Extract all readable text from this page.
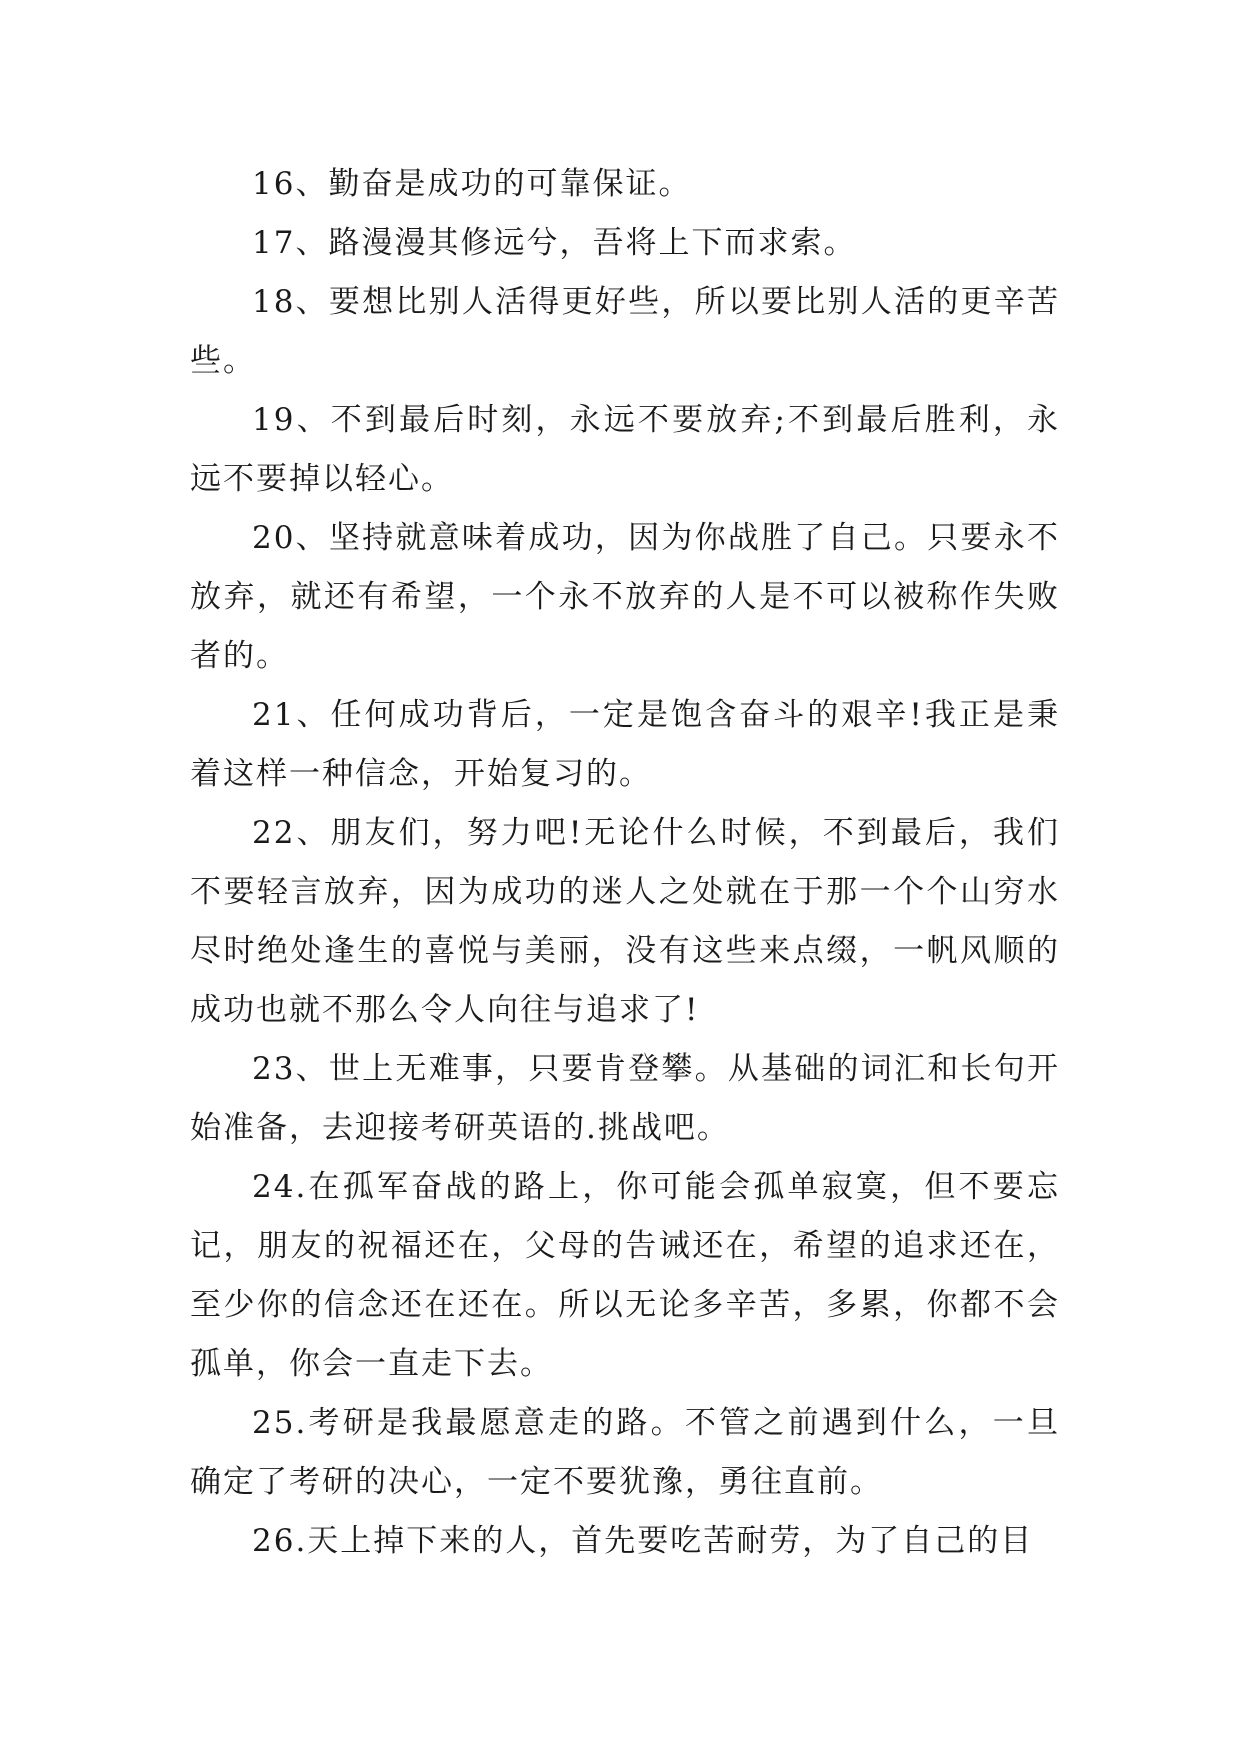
16、勤奋是成功的可靠保证。

17、路漫漫其修远兮，吾将上下而求索。

18、要想比别人活得更好些，所以要比别人活的更辛苦些。

19、不到最后时刻，永远不要放弃;不到最后胜利，永远不要掉以轻心。

20、坚持就意味着成功，因为你战胜了自己。只要永不放弃，就还有希望，一个永不放弃的人是不可以被称作失败者的。

21、任何成功背后，一定是饱含奋斗的艰辛!我正是秉着这样一种信念，开始复习的。

22、朋友们，努力吧!无论什么时候，不到最后，我们不要轻言放弃，因为成功的迷人之处就在于那一个个山穷水尽时绝处逢生的喜悦与美丽，没有这些来点缀，一帆风顺的成功也就不那么令人向往与追求了!

23、世上无难事，只要肯登攀。从基础的词汇和长句开始准备，去迎接考研英语的.挑战吧。

24.在孤军奋战的路上，你可能会孤单寂寞，但不要忘记，朋友的祝福还在，父母的告诫还在，希望的追求还在，至少你的信念还在还在。所以无论多辛苦，多累，你都不会孤单，你会一直走下去。

25.考研是我最愿意走的路。不管之前遇到什么，一旦确定了考研的决心，一定不要犹豫，勇往直前。

26.天上掉下来的人，首先要吃苦耐劳，为了自己的目
